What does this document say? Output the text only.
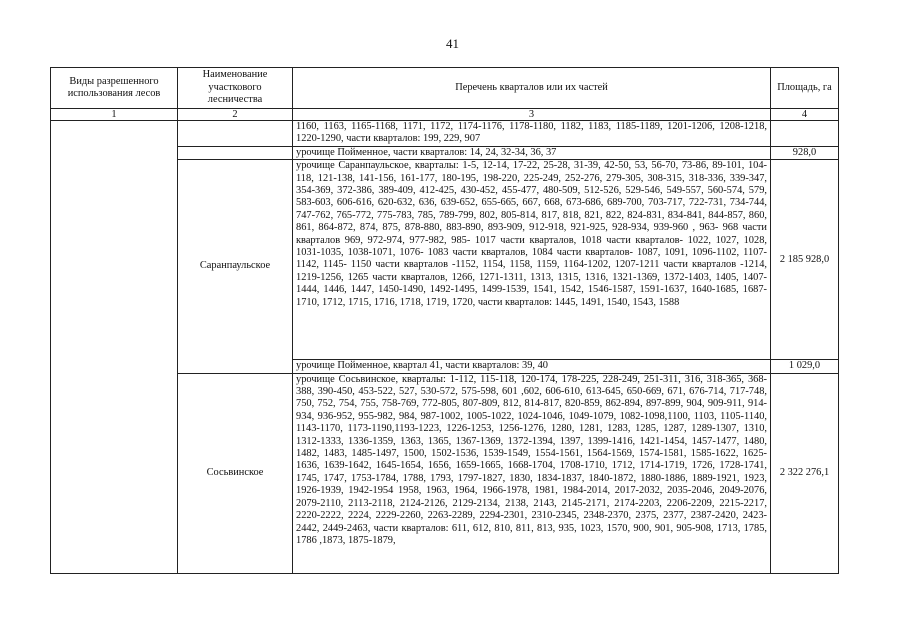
41
Виды разрешенного использования лесов	Наименование участкового лесничества	Перечень кварталов или их частей	Площадь, га
1	2	3	4
		1160, 1163, 1165-1168, 1171, 1172, 1174-1176, 1178-1180, 1182, 1183, 1185-1189, 1201-1206, 1208-1218, 1220-1290, части кварталов: 199, 229, 907	
		урочище Пойменное, части кварталов: 14, 24, 32-34, 36, 37	928,0
	Саранпаульское	урочище Саранпаульское, кварталы: 1-5, 12-14, 17-22, 25-28, 31-39, 42-50, 53, 56-70, 73-86, 89-101, 104-118, 121-138, 141-156, 161-177, 180-195, 198-220, 225-249, 252-276, 279-305, 308-315, 318-336, 339-347, 354-369, 372-386, 389-409, 412-425, 430-452, 455-477, 480-509, 512-526, 529-546, 549-557, 560-574, 579, 583-603, 606-616, 620-632, 636, 639-652, 655-665, 667, 668, 673-686, 689-700, 703-717, 722-731, 734-744, 747-762, 765-772, 775-783, 785, 789-799, 802, 805-814, 817, 818, 821, 822, 824-831, 834-841, 844-857, 860, 861, 864-872, 874, 875, 878-880, 883-890, 893-909, 912-918, 921-925, 928-934, 939-960 , 963- 968 части кварталов 969, 972-974, 977-982, 985- 1017 части кварталов, 1018 части кварталов- 1022, 1027, 1028, 1031-1035, 1038-1071, 1076- 1083 части кварталов, 1084 части кварталов- 1087, 1091, 1096-1102, 1107-1142, 1145- 1150 части кварталов -1152, 1154, 1158, 1159, 1164-1202, 1207-1211 части кварталов -1214, 1219-1256, 1265 части кварталов, 1266, 1271-1311, 1313, 1315, 1316, 1321-1369, 1372-1403, 1405, 1407-1444, 1446, 1447, 1450-1490, 1492-1495, 1499-1539, 1541, 1542, 1546-1587, 1591-1637, 1640-1685, 1687-1710, 1712, 1715, 1716, 1718, 1719, 1720, части кварталов: 1445, 1491, 1540, 1543, 1588	2 185 928,0
		урочище Пойменное, квартал 41, части кварталов: 39, 40	1 029,0
	Сосьвинское	урочище Сосьвинское, кварталы: 1-112, 115-118, 120-174, 178-225, 228-249, 251-311, 316, 318-365, 368-388, 390-450, 453-522, 527, 530-572, 575-598, 601 ,602, 606-610, 613-645, 650-669, 671, 676-714, 717-748, 750, 752, 754, 755, 758-769, 772-805, 807-809, 812, 814-817, 820-859, 862-894, 897-899, 904, 909-911, 914-934, 936-952, 955-982, 984, 987-1002, 1005-1022, 1024-1046, 1049-1079, 1082-1098,1100, 1103, 1105-1140, 1143-1170, 1173-1190,1193-1223, 1226-1253, 1256-1276, 1280, 1281, 1283, 1285, 1287, 1289-1307, 1310, 1312-1333, 1336-1359, 1363, 1365, 1367-1369, 1372-1394, 1397, 1399-1416, 1421-1454, 1457-1477, 1480, 1482, 1483, 1485-1497, 1500, 1502-1536, 1539-1549, 1554-1561, 1564-1569, 1574-1581, 1585-1622, 1625-1636, 1639-1642, 1645-1654, 1656, 1659-1665, 1668-1704, 1708-1710, 1712, 1714-1719, 1726, 1728-1741, 1745, 1747, 1753-1784, 1788, 1793, 1797-1827, 1830, 1834-1837, 1840-1872, 1880-1886, 1889-1921, 1923, 1926-1939, 1942-1954 1958, 1963, 1964, 1966-1978, 1981, 1984-2014, 2017-2032, 2035-2046, 2049-2076, 2079-2110, 2113-2118, 2124-2126, 2129-2134, 2138, 2143, 2145-2171, 2174-2203, 2206-2209, 2215-2217, 2220-2222, 2224, 2229-2260, 2263-2289, 2294-2301, 2310-2345, 2348-2370, 2375, 2377, 2387-2420, 2423-2442, 2449-2463, части кварталов: 611, 612, 810, 811, 813, 935, 1023, 1570, 900, 901, 905-908, 1713, 1785, 1786 ,1873, 1875-1879,	2 322 276,1
